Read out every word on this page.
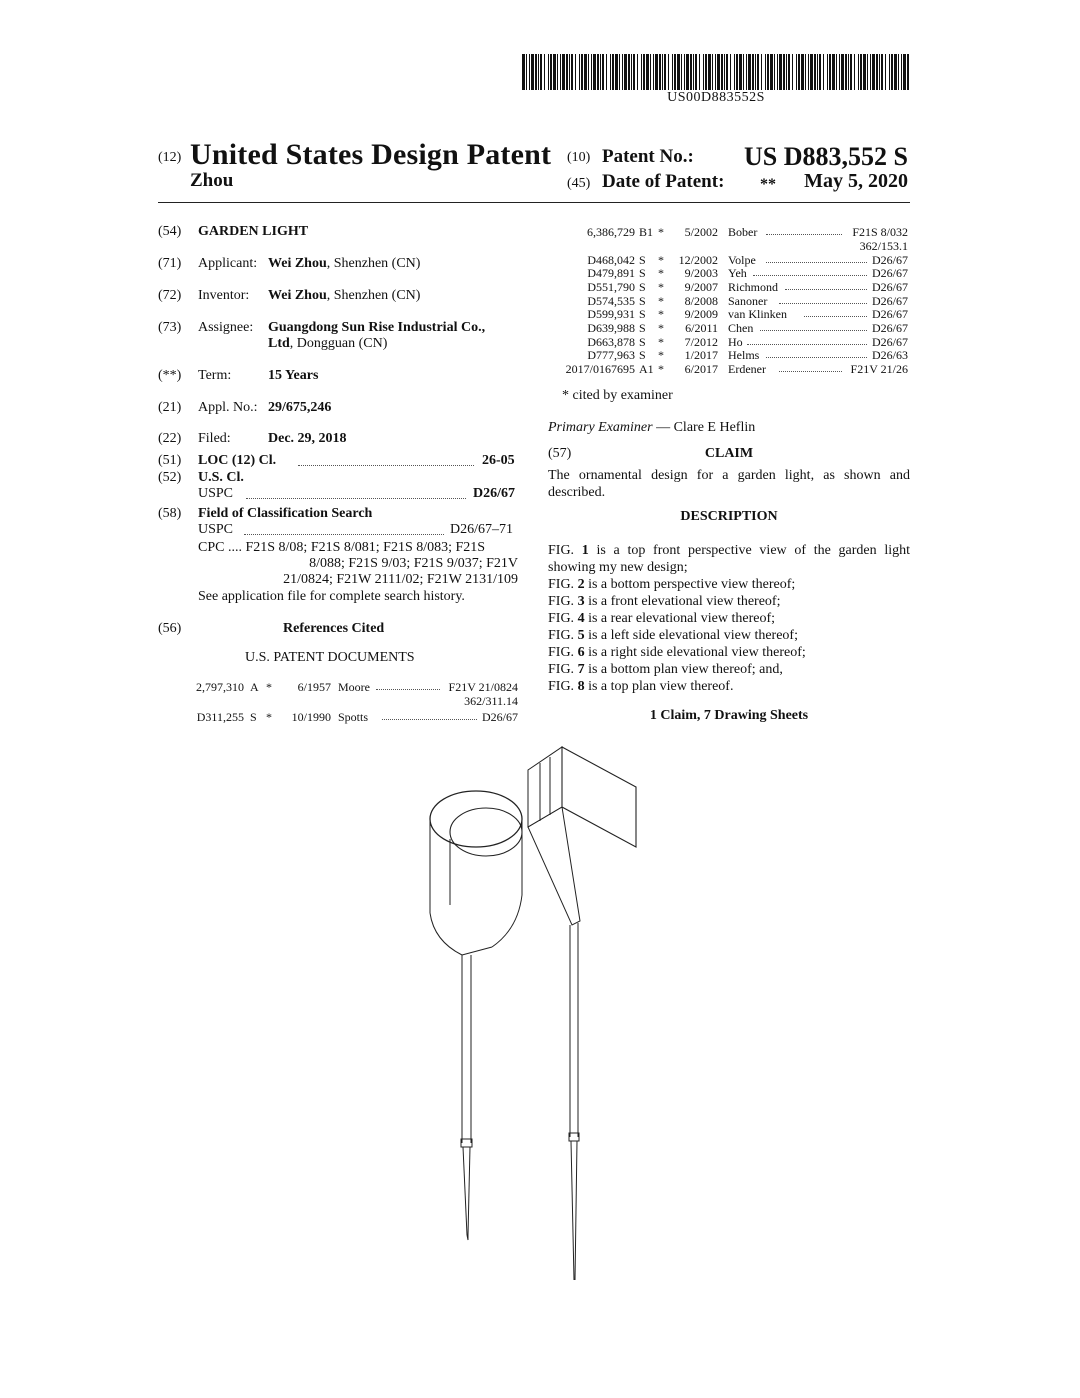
US00D883552S
(12) United States Design Patent
Zhou
(10) Patent No.: US D883,552 S
(45) Date of Patent: ** May 5, 2020
(54) GARDEN LIGHT
(71) Applicant: Wei Zhou, Shenzhen (CN)
(72) Inventor: Wei Zhou, Shenzhen (CN)
(73) Assignee: Guangdong Sun Rise Industrial Co.,
Ltd, Dongguan (CN)
(**) Term:	15 Years
(21) Appl. No.: 29/675,246
(22) Filed:	Dec. 29, 2018
(51) LOC (12) Cl.	26-05
(52) U.S. Cl.
USPC	D26/67
(58) Field of Classification Search
USPC	D26/67–71
CPC .... F21S 8/08; F21S 8/081; F21S 8/083; F21S
8/088; F21S 9/03; F21S 9/037; F21V
21/0824; F21W 2111/02; F21W 2131/109
See application file for complete search history.
(56)	References Cited
U.S. PATENT DOCUMENTS
2,797,310 A * 6/1957 Moore	F21V 21/0824
362/311.14
D311,255 S * 10/1990 Spotts	D26/67
6,386,729 B1 * 5/2002 Bober	F21S 8/032
362/153.1
D468,042 S * 12/2002 Volpe	D26/67
D479,891 S * 9/2003 Yeh	D26/67
D551,790 S * 9/2007 Richmond	D26/67
D574,535 S * 8/2008 Sanoner	D26/67
D599,931 S * 9/2009 van Klinken	D26/67
D639,988 S * 6/2011 Chen	D26/67
D663,878 S * 7/2012 Ho	D26/67
D777,963 S * 1/2017 Helms	D26/63
2017/0167695 A1 * 6/2017 Erdener	F21V 21/26
* cited by examiner
Primary Examiner — Clare E Heflin
(57)	CLAIM
The ornamental design for a garden light, as shown and described.
DESCRIPTION
FIG. 1 is a top front perspective view of the garden light showing my new design;
FIG. 2 is a bottom perspective view thereof;
FIG. 3 is a front elevational view thereof;
FIG. 4 is a rear elevational view thereof;
FIG. 5 is a left side elevational view thereof;
FIG. 6 is a right side elevational view thereof;
FIG. 7 is a bottom plan view thereof; and,
FIG. 8 is a top plan view thereof.
1 Claim, 7 Drawing Sheets
